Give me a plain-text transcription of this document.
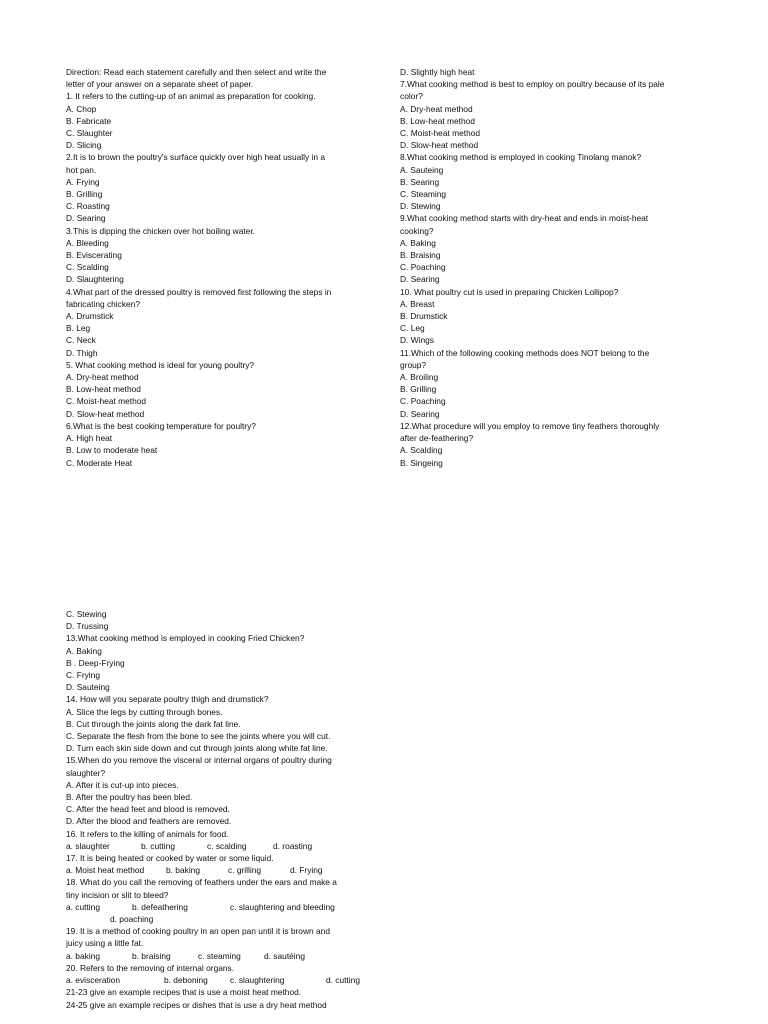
Direction: Read each statement carefully and then select and write the
letter of your answer on a separate sheet of paper.
1. It refers to the cutting-up of an animal as preparation for cooking.
A. Chop
B. Fabricate
C. Slaughter
D. Slicing
2.It is to brown the poultry's surface quickly over high heat usually in a
hot pan.
A. Frying
B. Grilling
C. Roasting
D. Searing
3.This is dipping the chicken over hot boiling water.
A. Bleeding
B. Eviscerating
C. Scalding
D. Slaughtering
4.What part of the dressed poultry is removed first following the steps in
fabricating chicken?
A. Drumstick
B. Leg
C. Neck
D. Thigh
5. What cooking method is ideal for young poultry?
A. Dry-heat method
B. Low-heat method
C. Moist-heat method
D. Slow-heat method
6.What is the best cooking temperature for poultry?
A. High heat
B. Low to moderate heat
C. Moderate Heat
D. Slightly high heat
7.What cooking method is best to employ on poultry because of its pale
color?
A. Dry-heat method
B. Low-heat method
C. Moist-heat method
D. Slow-heat method
8.What cooking method is employed in cooking Tinolang manok?
A. Sauteing
B. Searing
C. Steaming
D. Stewing
9.What cooking method starts with dry-heat and ends in moist-heat
cooking?
A. Baking
B. Braising
C. Poaching
D. Searing
10. What poultry cut is used in preparing Chicken Lollipop?
A. Breast
B. Drumstick
C. Leg
D. Wings
11.Which of the following cooking methods does NOT belong to the
group?
A. Broiling
B. Grilling
C. Poaching
D. Searing
12.What procedure will you employ to remove tiny feathers thoroughly
after de-feathering?
A. Scalding
B. Singeing
C. Stewing
D. Trussing
13.What cooking method is employed in cooking Fried Chicken?
A. Baking
B . Deep-Frying
C. Frying
D. Sauteing
14. How will you separate poultry thigh and drumstick?
A. Slice the legs by cutting through bones.
B. Cut through the joints along the dark fat line.
C. Separate the flesh from the bone to see the joints where you will cut.
D. Turn each skin side down and cut through joints along white fat line.
15.When do you remove the visceral or internal organs of poultry during
slaughter?
A. After it is cut-up into pieces.
B. After the poultry has been bled.
C. After the head feet and blood is removed.
D. After the blood and feathers are removed.
16. It refers to the killing of animals for food.
a. slaughter	b. cutting	c. scalding	d. roasting
17. It is being heated or cooked by water or some liquid.
a. Moist heat method	b. baking	c. grilling	d. Frying
18. What do you call the removing of feathers under the ears and make a
tiny incision or slit to bleed?
a. cutting	b. defeathering	c. slaughtering and bleeding
d. poaching
19. It is a method of cooking poultry in an open pan until it is brown and
juicy using a little fat.
a. baking	b. braising	c. steaming	d. sautéing
20. Refers to the removing of internal organs.
a. evisceration	b. deboning	c. slaughtering	d. cutting
21-23 give an example recipes that is use a moist heat method.
24-25 give an example recipes or dishes that is use a dry heat method
